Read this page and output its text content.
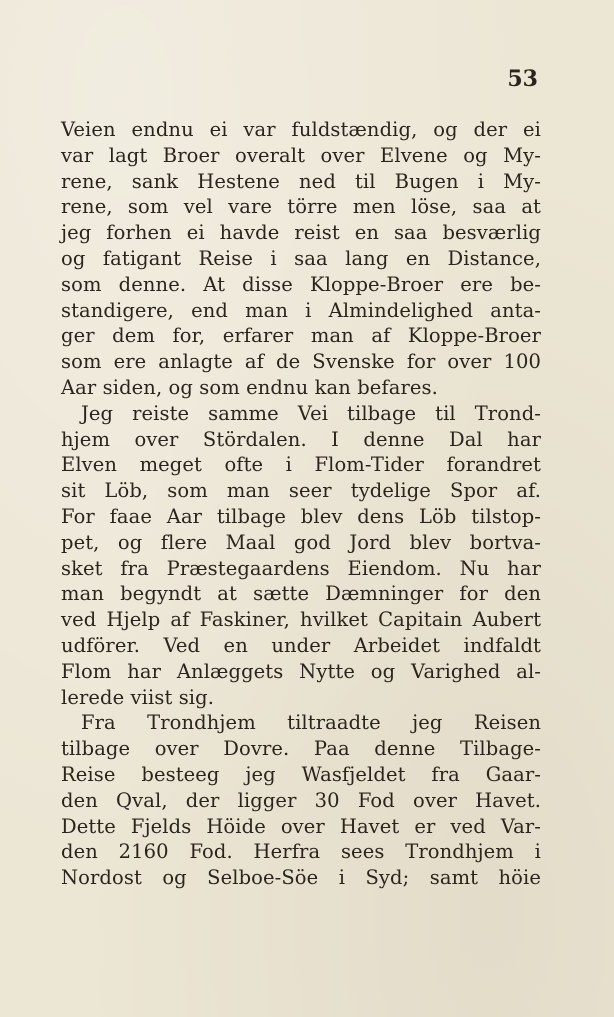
53
Veien endnu ei var fuldstændig, og der ei
var lagt Broer overalt over Elvene og My-
rene, sank Hestene ned til Bugen i My-
rene, som vel vare törre men löse, saa at
jeg forhen ei havde reist en saa besværlig
og fatigant Reise i saa lang en Distance,
som denne. At disse Kloppe-Broer ere be-
standigere, end man i Almindelighed anta-
ger dem for, erfarer man af Kloppe-Broer
som ere anlagte af de Svenske for over 100
Aar siden, og som endnu kan befares.
Jeg reiste samme Vei tilbage til Trond-
hjem over Stördalen. I denne Dal har
Elven meget ofte i Flom-Tider forandret
sit Löb, som man seer tydelige Spor af.
For faae Aar tilbage blev dens Löb tilstop-
pet, og flere Maal god Jord blev bortva-
sket fra Præstegaardens Eiendom. Nu har
man begyndt at sætte Dæmninger for den
ved Hjelp af Faskiner, hvilket Capitain Aubert
udförer. Ved en under Arbeidet indfaldt
Flom har Anlæggets Nytte og Varighed al-
lerede viist sig.
Fra Trondhjem tiltraadte jeg Reisen
tilbage over Dovre. Paa denne Tilbage-
Reise besteeg jeg Wasfjeldet fra Gaar-
den Qval, der ligger 30 Fod over Havet.
Dette Fjelds Höide over Havet er ved Var-
den 2160 Fod. Herfra sees Trondhjem i
Nordost og Selboe-Söe i Syd; samt höie
